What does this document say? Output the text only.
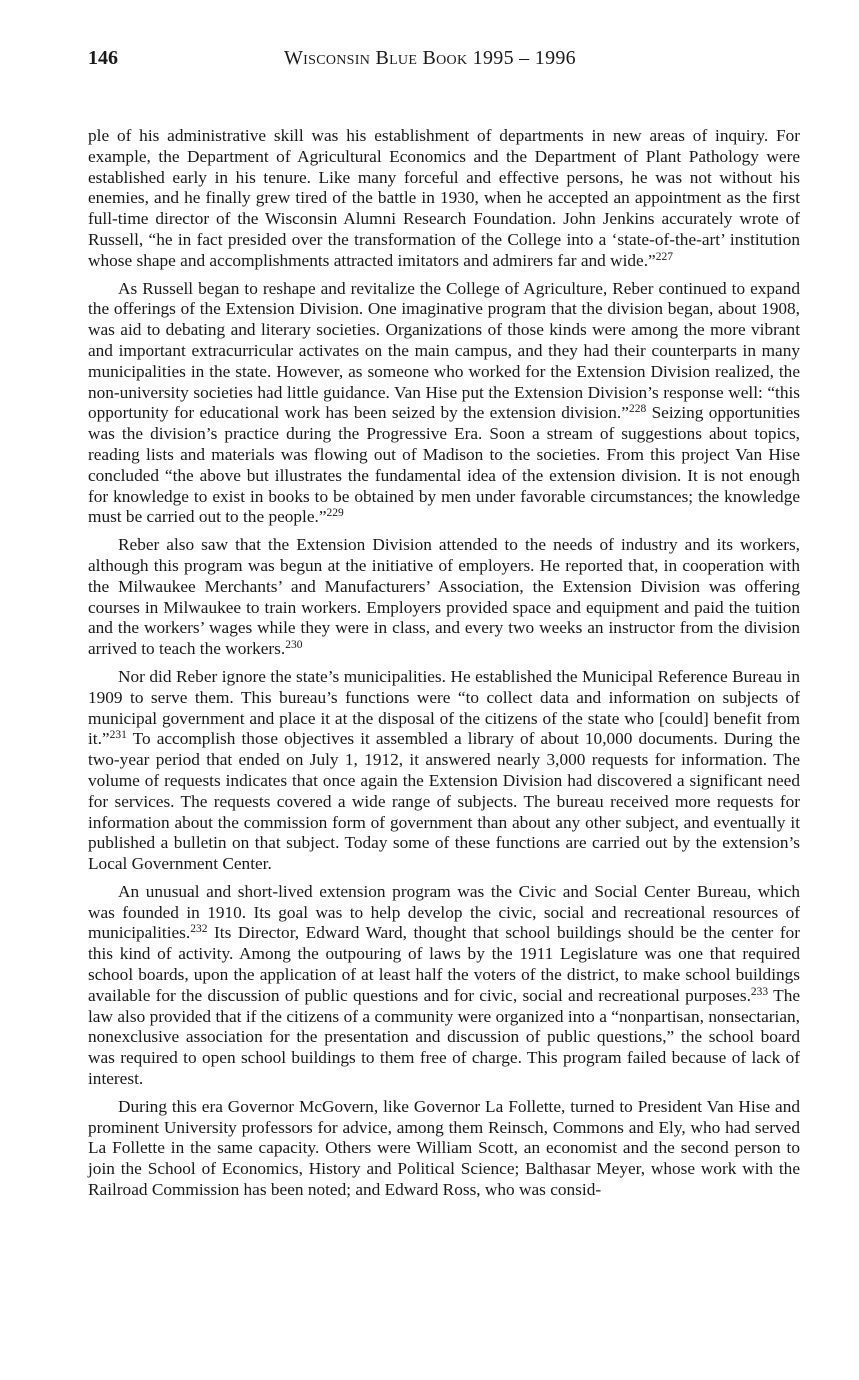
146	Wisconsin Blue Book 1995 – 1996

ple of his administrative skill was his establishment of departments in new areas of inquiry. For example, the Department of Agricultural Economics and the Department of Plant Pathology were established early in his tenure. Like many forceful and effective persons, he was not without his enemies, and he finally grew tired of the battle in 1930, when he accepted an appointment as the first full-time director of the Wisconsin Alumni Research Foundation. John Jenkins accurately wrote of Russell, “he in fact presided over the transformation of the College into a ‘state-of-the-art’ institution whose shape and accomplishments attracted imitators and admirers far and wide.”$^{227}$

As Russell began to reshape and revitalize the College of Agriculture, Reber continued to expand the offerings of the Extension Division. One imaginative program that the division began, about 1908, was aid to debating and literary societies. Organizations of those kinds were among the more vibrant and important extracurricular activates on the main campus, and they had their counterparts in many municipalities in the state. However, as someone who worked for the Extension Division realized, the non-university societies had little guidance. Van Hise put the Extension Division’s response well: “this opportunity for educational work has been seized by the extension division.”$^{228}$ Seizing opportunities was the division’s practice during the Progressive Era. Soon a stream of suggestions about topics, reading lists and materials was flowing out of Madison to the societies. From this project Van Hise concluded “the above but illustrates the fundamental idea of the extension division. It is not enough for knowledge to exist in books to be obtained by men under favorable circumstances; the knowledge must be carried out to the people.”$^{229}$

Reber also saw that the Extension Division attended to the needs of industry and its workers, although this program was begun at the initiative of employers. He reported that, in cooperation with the Milwaukee Merchants’ and Manufacturers’ Association, the Extension Division was offering courses in Milwaukee to train workers. Employers provided space and equipment and paid the tuition and the workers’ wages while they were in class, and every two weeks an instructor from the division arrived to teach the workers.$^{230}$

Nor did Reber ignore the state’s municipalities. He established the Municipal Reference Bureau in 1909 to serve them. This bureau’s functions were “to collect data and information on subjects of municipal government and place it at the disposal of the citizens of the state who [could] benefit from it.”$^{231}$ To accomplish those objectives it assembled a library of about 10,000 documents. During the two-year period that ended on July 1, 1912, it answered nearly 3,000 requests for information. The volume of requests indicates that once again the Extension Division had discovered a significant need for services. The requests covered a wide range of subjects. The bureau received more requests for information about the commission form of government than about any other subject, and eventually it published a bulletin on that subject. Today some of these functions are carried out by the extension’s Local Government Center.

An unusual and short-lived extension program was the Civic and Social Center Bureau, which was founded in 1910. Its goal was to help develop the civic, social and recreational resources of municipalities.$^{232}$ Its Director, Edward Ward, thought that school buildings should be the center for this kind of activity. Among the outpouring of laws by the 1911 Legislature was one that required school boards, upon the application of at least half the voters of the district, to make school buildings available for the discussion of public questions and for civic, social and recreational purposes.$^{233}$ The law also provided that if the citizens of a community were organized into a “nonpartisan, nonsectarian, nonexclusive association for the presentation and discussion of public questions,” the school board was required to open school buildings to them free of charge. This program failed because of lack of interest.

During this era Governor McGovern, like Governor La Follette, turned to President Van Hise and prominent University professors for advice, among them Reinsch, Commons and Ely, who had served La Follette in the same capacity. Others were William Scott, an economist and the second person to join the School of Economics, History and Political Science; Balthasar Meyer, whose work with the Railroad Commission has been noted; and Edward Ross, who was consid-
